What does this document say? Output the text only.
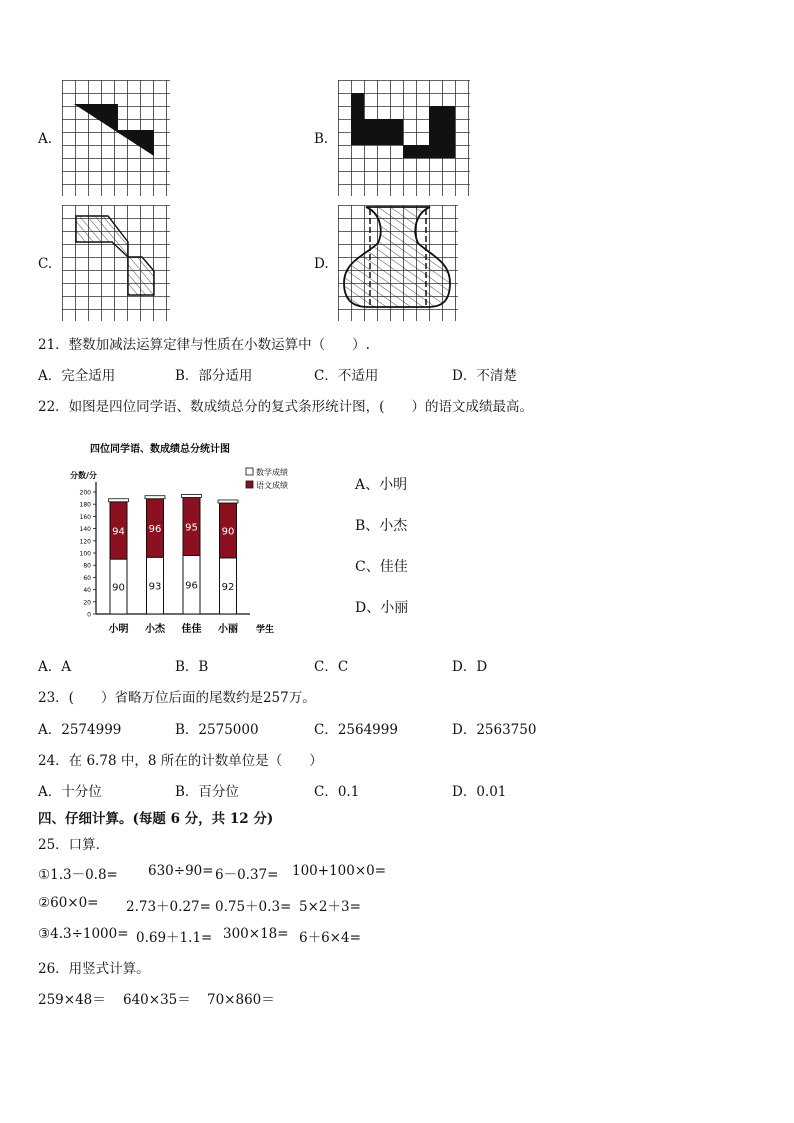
A.	B.
C.	D.
21．整数加减法运算定律与性质在小数运算中（　　）.
A．完全适用	B．部分适用	C．不适用	D．不清楚
22．如图是四位同学语、数成绩总分的复式条形统计图，(　　）的语文成绩最高。
四位同学语、数成绩总分统计图
分数/分
学生
数学成绩
语文成绩
0
20
40
60
80
100
120
140
160
180
200
90
94
小明
93
96
小杰
96
95
佳佳
92
90
小丽
A、小明
B、小杰
C、佳佳
D、小丽
A．A	B．B	C．C	D．D
23．(　　）省略万位后面的尾数约是257万。
A．2574999	B．2575000	C．2564999	D．2563750
24．在 6.78 中，8 所在的计数单位是（　　）
A．十分位	B．百分位	C．0.1	D．0.01
四、仔细计算。(每题 6 分，共 12 分)
25．口算．
①1.3－0.8= 630÷90= 6－0.37= 100+100×0=
②60×0= 2.73＋0.27= 0.75＋0.3= 5×2＋3=
③4.3÷1000= 0.69＋1.1= 300×18= 6＋6×4=
26．用竖式计算。
259×48＝ 640×35＝ 70×860＝
